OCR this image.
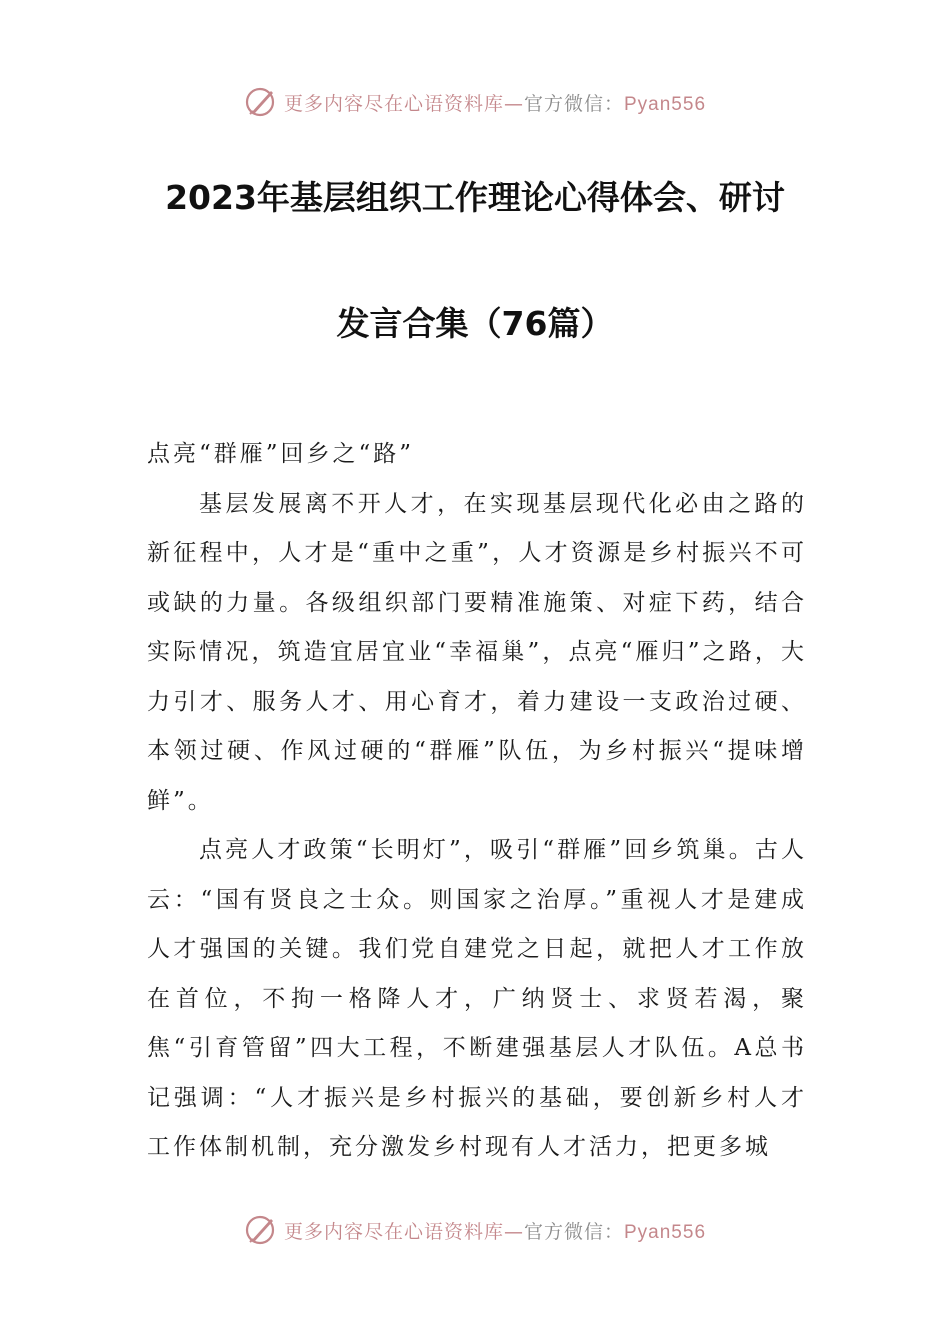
更多内容尽在心语资料库—官方微信：Pyan556
2023年基层组织工作理论心得体会、研讨
发言合集（76篇）

点亮“群雁”回乡之“路”

基层发展离不开人才，在实现基层现代化必由之路的新征程中，人才是“重中之重”，人才资源是乡村振兴不可或缺的力量。各级组织部门要精准施策、对症下药，结合实际情况，筑造宜居宜业“幸福巢”，点亮“雁归”之路，大力引才、服务人才、用心育才，着力建设一支政治过硬、本领过硬、作风过硬的“群雁”队伍，为乡村振兴“提味增鲜”。

点亮人才政策“长明灯”，吸引“群雁”回乡筑巢。古人云：“国有贤良之士众。则国家之治厚。”重视人才是建成人才强国的关键。我们党自建党之日起，就把人才工作放在首位，不拘一格降人才，广纳贤士、求贤若渴，聚焦“引育管留”四大工程，不断建强基层人才队伍。A总书记强调：“人才振兴是乡村振兴的基础，要创新乡村人才工作体制机制，充分激发乡村现有人才活力，把更多城

更多内容尽在心语资料库—官方微信：Pyan556
